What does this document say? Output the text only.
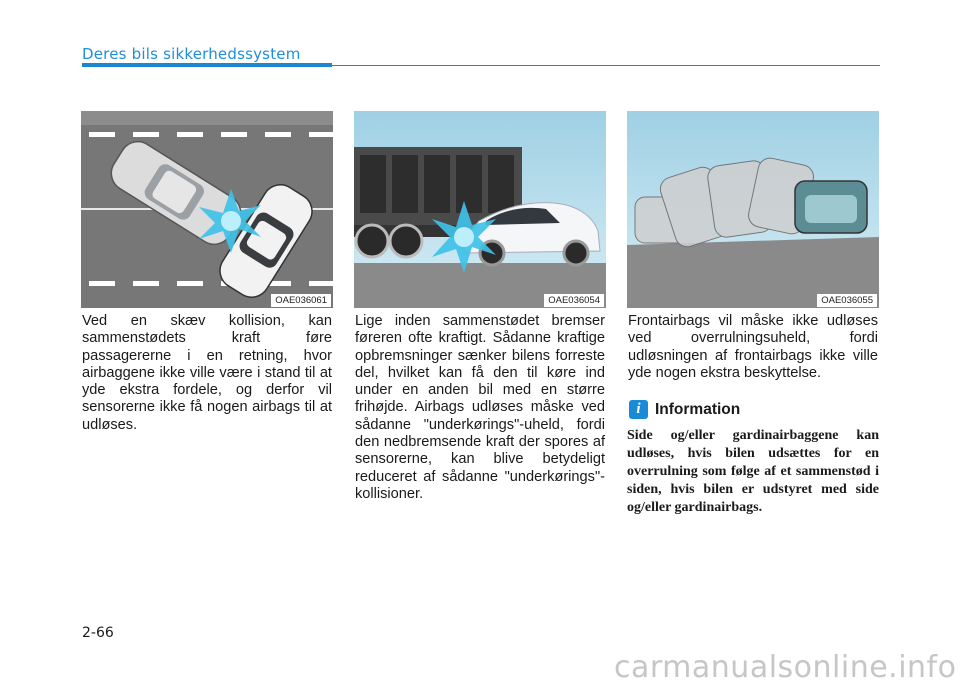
Deres bils sikkerhedssystem
OAE036061	OAE036054	OAE036055

Ved en skæv kollision, kan sammenstødets kraft føre passagererne i en retning, hvor airbaggene ikke ville være i stand til at yde ekstra fordele, og derfor vil sensorerne ikke få nogen airbags til at udløses.

Lige inden sammenstødet bremser føreren ofte kraftigt. Sådanne kraftige opbremsninger sænker bilens forreste del, hvilket kan få den til køre ind under en anden bil med en større frihøjde. Airbags udløses måske ved sådanne "underkørings"-uheld, fordi den nedbremsende kraft der spores af sensorerne, kan blive betydeligt reduceret af sådanne "underkørings"-kollisioner.

Frontairbags vil måske ikke udløses ved overrulningsuheld, fordi udløsningen af frontairbags ikke ville yde nogen ekstra beskyttelse.

i Information

Side og/eller gardinairbaggene kan udløses, hvis bilen udsættes for en overrulning som følge af et sammenstød i siden, hvis bilen er udstyret med side og/eller gardinairbags.

2-66
carmanualsonline.info
